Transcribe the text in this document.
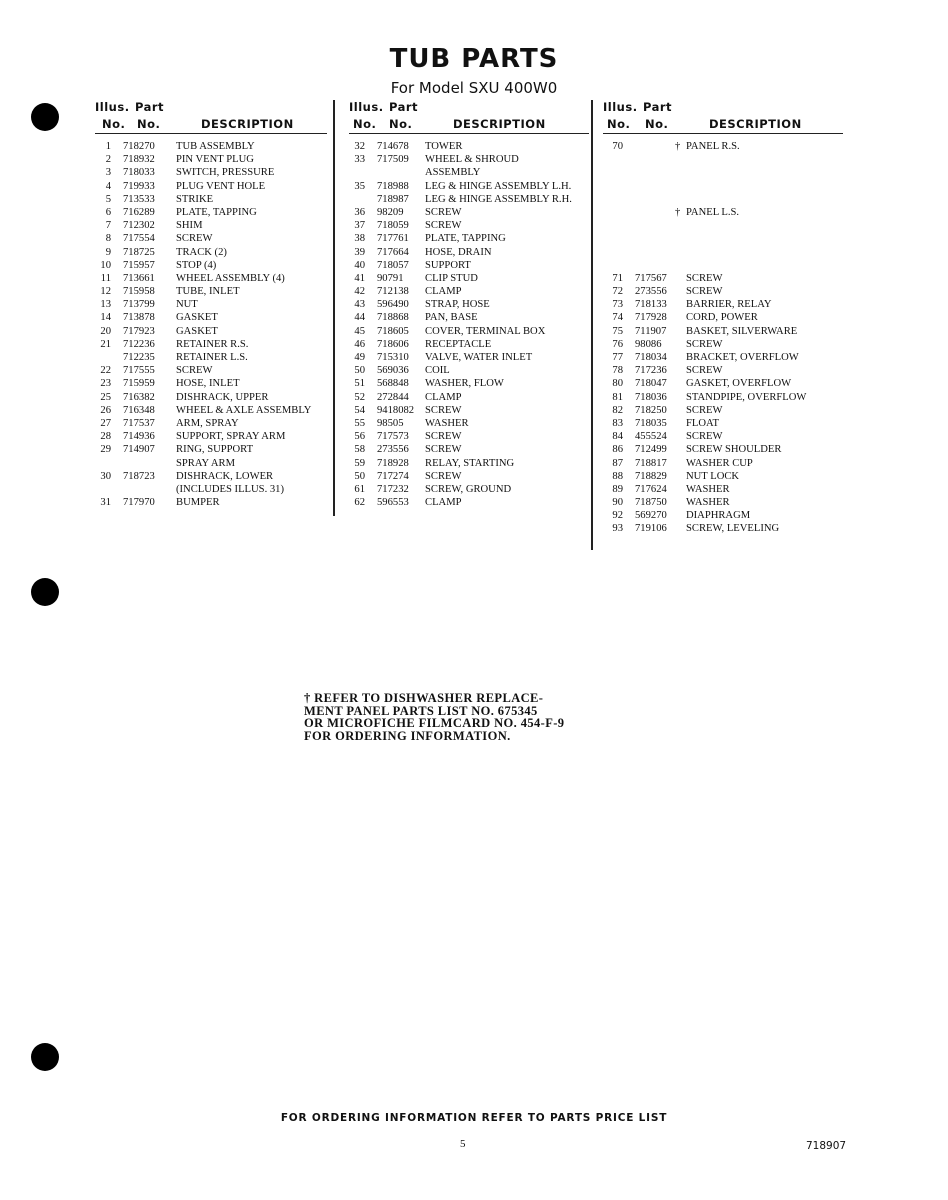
TUB PARTS
For Model SXU 400W0
Illus. Part
No. No.	DESCRIPTION
1 718270 TUB ASSEMBLY
2 718932 PIN VENT PLUG
3 718033 SWITCH, PRESSURE
4 719933 PLUG VENT HOLE
5 713533 STRIKE
6 716289 PLATE, TAPPING
7 712302 SHIM
8 717554 SCREW
9 718725 TRACK (2)
10 715957 STOP (4)
11 713661 WHEEL ASSEMBLY (4)
12 715958 TUBE, INLET
13 713799 NUT
14 713878 GASKET
20 717923 GASKET
21 712236 RETAINER R.S.
712235 RETAINER L.S.
22 717555 SCREW
23 715959 HOSE, INLET
25 716382 DISHRACK, UPPER
26 716348 WHEEL & AXLE ASSEMBLY
27 717537 ARM, SPRAY
28 714936 SUPPORT, SPRAY ARM
29 714907 RING, SUPPORT
SPRAY ARM
30 718723 DISHRACK, LOWER
(INCLUDES ILLUS. 31)
31 717970 BUMPER
Illus. Part
No. No.	DESCRIPTION
32 714678 TOWER
33 717509 WHEEL & SHROUD
ASSEMBLY
35 718988 LEG & HINGE ASSEMBLY L.H.
718987 LEG & HINGE ASSEMBLY R.H.
36 98209 SCREW
37 718059 SCREW
38 717761 PLATE, TAPPING
39 717664 HOSE, DRAIN
40 718057 SUPPORT
41 90791 CLIP STUD
42 712138 CLAMP
43 596490 STRAP, HOSE
44 718868 PAN, BASE
45 718605 COVER, TERMINAL BOX
46 718606 RECEPTACLE
49 715310 VALVE, WATER INLET
50 569036 COIL
51 568848 WASHER, FLOW
52 272844 CLAMP
54 9418082 SCREW
55 98505 WASHER
56 717573 SCREW
58 273556 SCREW
59 718928 RELAY, STARTING
50 717274 SCREW
61 717232 SCREW, GROUND
62 596553 CLAMP
Illus. Part
No. No.	DESCRIPTION
70	† PANEL R.S.
† PANEL L.S.
71 717567 SCREW
72 273556 SCREW
73 718133 BARRIER, RELAY
74 717928 CORD, POWER
75 711907 BASKET, SILVERWARE
76 98086 SCREW
77 718034 BRACKET, OVERFLOW
78 717236 SCREW
80 718047 GASKET, OVERFLOW
81 718036 STANDPIPE, OVERFLOW
82 718250 SCREW
83 718035 FLOAT
84 455524 SCREW
86 712499 SCREW SHOULDER
87 718817 WASHER CUP
88 718829 NUT LOCK
89 717624 WASHER
90 718750 WASHER
92 569270 DIAPHRAGM
93 719106 SCREW, LEVELING
† REFER TO DISHWASHER REPLACE-
MENT PANEL PARTS LIST NO. 675345
OR MICROFICHE FILMCARD NO. 454-F-9
FOR ORDERING INFORMATION.
FOR ORDERING INFORMATION REFER TO PARTS PRICE LIST
5	718907
